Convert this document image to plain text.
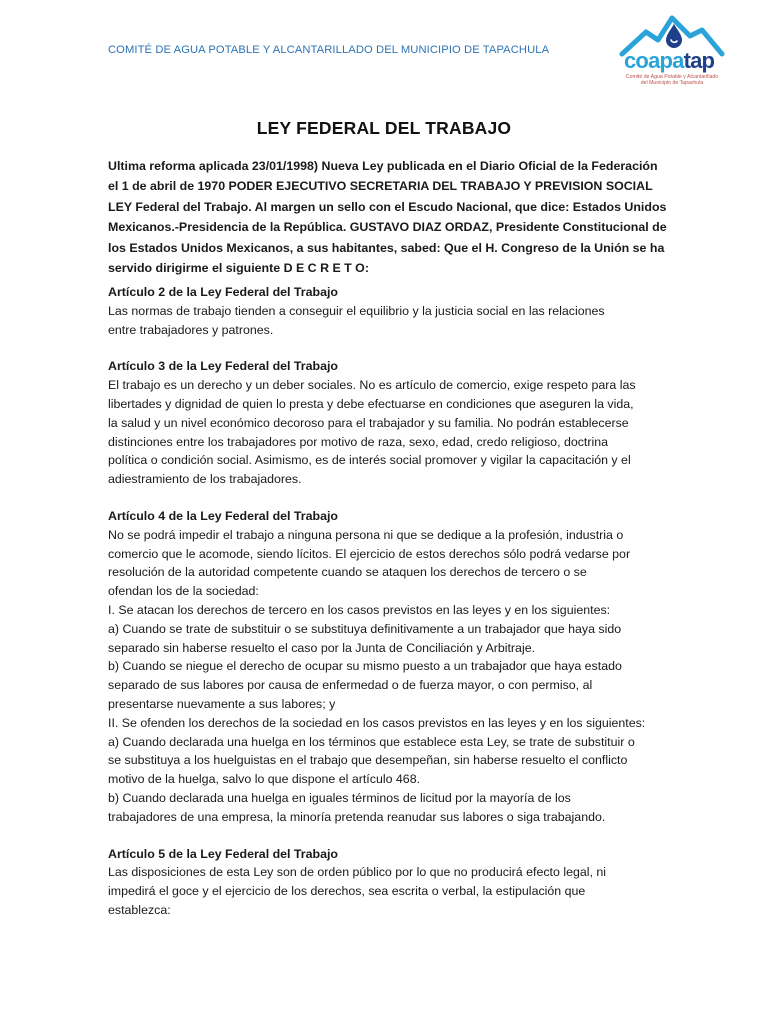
COMITÉ DE AGUA POTABLE Y ALCANTARILLADO DEL MUNICIPIO DE TAPACHULA	coapatap
Comité de Agua Potable y Alcantarillado
del Municipio de Tapachula
LEY FEDERAL DEL TRABAJO

Ultima reforma aplicada 23/01/1998) Nueva Ley publicada en el Diario Oficial de la Federación el 1 de abril de 1970 PODER EJECUTIVO SECRETARIA DEL TRABAJO Y PREVISION SOCIAL LEY Federal del Trabajo. Al margen un sello con el Escudo Nacional, que dice: Estados Unidos Mexicanos.-Presidencia de la República. GUSTAVO DIAZ ORDAZ, Presidente Constitucional de los Estados Unidos Mexicanos, a sus habitantes, sabed: Que el H. Congreso de la Unión se ha servido dirigirme el siguiente D E C R E T O:

Artículo 2 de la Ley Federal del Trabajo
Las normas de trabajo tienden a conseguir el equilibrio y la justicia social en las relaciones
entre trabajadores y patrones.
Artículo 3 de la Ley Federal del Trabajo
El trabajo es un derecho y un deber sociales. No es artículo de comercio, exige respeto para las
libertades y dignidad de quien lo presta y debe efectuarse en condiciones que aseguren la vida,
la salud y un nivel económico decoroso para el trabajador y su familia. No podrán establecerse
distinciones entre los trabajadores por motivo de raza, sexo, edad, credo religioso, doctrina
política o condición social. Asimismo, es de interés social promover y vigilar la capacitación y el
adiestramiento de los trabajadores.
Artículo 4 de la Ley Federal del Trabajo
No se podrá impedir el trabajo a ninguna persona ni que se dedique a la profesión, industria o
comercio que le acomode, siendo lícitos. El ejercicio de estos derechos sólo podrá vedarse por
resolución de la autoridad competente cuando se ataquen los derechos de tercero o se
ofendan los de la sociedad:
I. Se atacan los derechos de tercero en los casos previstos en las leyes y en los siguientes:
a) Cuando se trate de substituir o se substituya definitivamente a un trabajador que haya sido
separado sin haberse resuelto el caso por la Junta de Conciliación y Arbitraje.
b) Cuando se niegue el derecho de ocupar su mismo puesto a un trabajador que haya estado
separado de sus labores por causa de enfermedad o de fuerza mayor, o con permiso, al
presentarse nuevamente a sus labores; y
II. Se ofenden los derechos de la sociedad en los casos previstos en las leyes y en los siguientes:
a) Cuando declarada una huelga en los términos que establece esta Ley, se trate de substituir o
se substituya a los huelguistas en el trabajo que desempeñan, sin haberse resuelto el conflicto
motivo de la huelga, salvo lo que dispone el artículo 468.
b) Cuando declarada una huelga en iguales términos de licitud por la mayoría de los
trabajadores de una empresa, la minoría pretenda reanudar sus labores o siga trabajando.
Artículo 5 de la Ley Federal del Trabajo
Las disposiciones de esta Ley son de orden público por lo que no producirá efecto legal, ni
impedirá el goce y el ejercicio de los derechos, sea escrita o verbal, la estipulación que
establezca:
